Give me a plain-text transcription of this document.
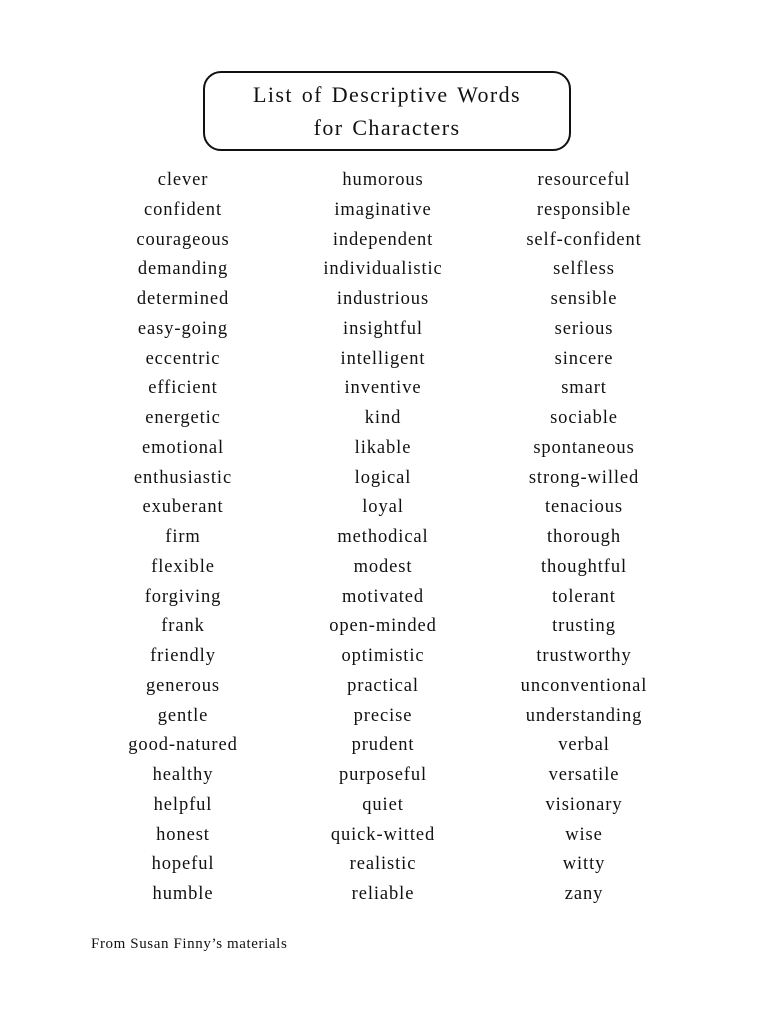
List of Descriptive Words
for Characters
clever
confident
courageous
demanding
determined
easy-going
eccentric
efficient
energetic
emotional
enthusiastic
exuberant
firm
flexible
forgiving
frank
friendly
generous
gentle
good-natured
healthy
helpful
honest
hopeful
humble
humorous
imaginative
independent
individualistic
industrious
insightful
intelligent
inventive
kind
likable
logical
loyal
methodical
modest
motivated
open-minded
optimistic
practical
precise
prudent
purposeful
quiet
quick-witted
realistic
reliable
resourceful
responsible
self-confident
selfless
sensible
serious
sincere
smart
sociable
spontaneous
strong-willed
tenacious
thorough
thoughtful
tolerant
trusting
trustworthy
unconventional
understanding
verbal
versatile
visionary
wise
witty
zany
From Susan Finny’s materials
